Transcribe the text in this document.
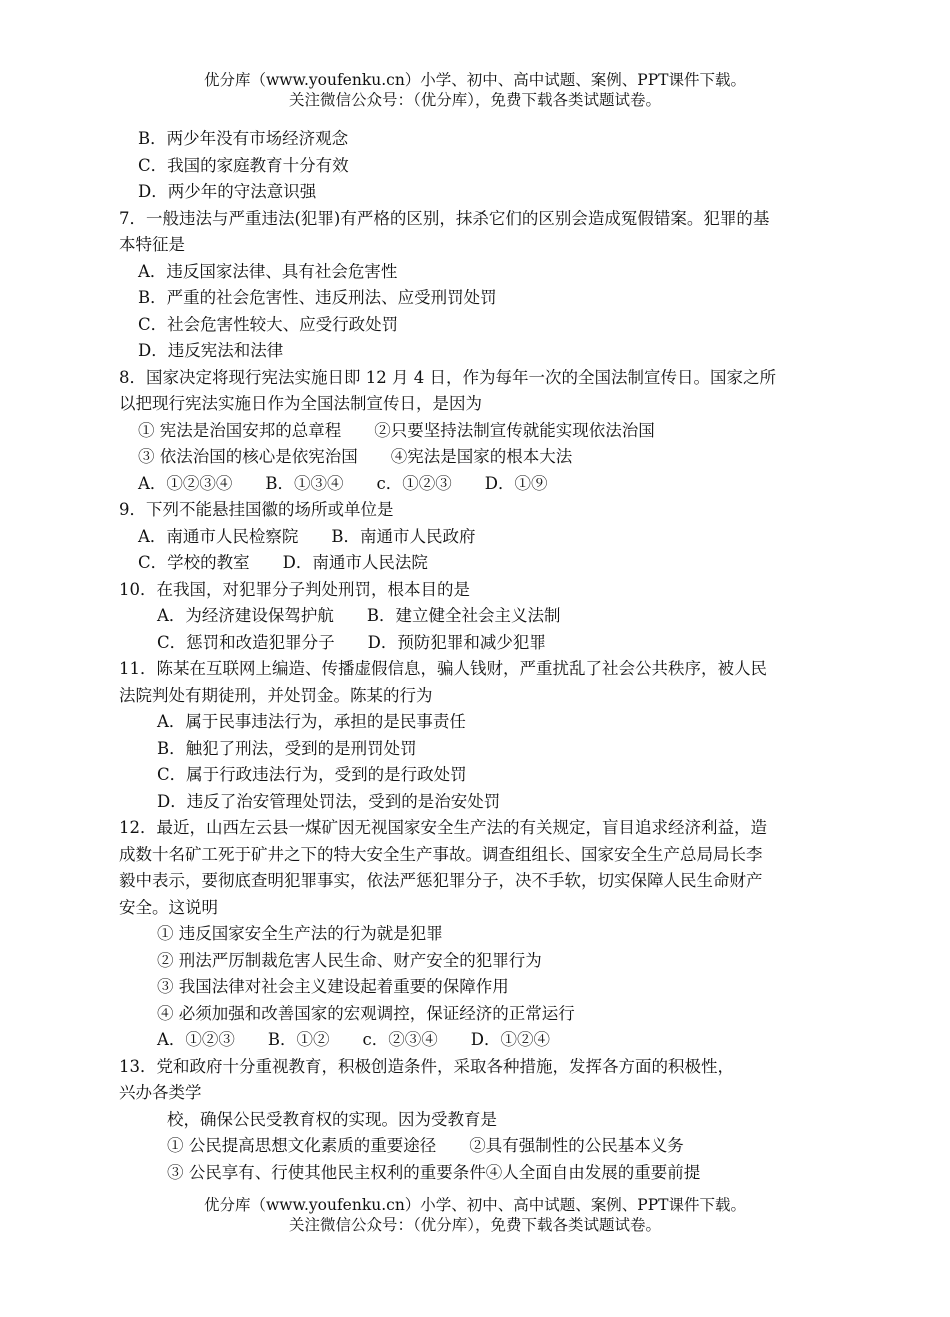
优分库（www.youfenku.cn）小学、初中、高中试题、案例、PPT课件下载。
关注微信公众号：（优分库），免费下载各类试题试卷。
B．两少年没有市场经济观念
C．我国的家庭教育十分有效
D．两少年的守法意识强
7．一般违法与严重违法(犯罪)有严格的区别，抹杀它们的区别会造成冤假错案。犯罪的基
本特征是
A．违反国家法律、具有社会危害性
B．严重的社会危害性、违反刑法、应受刑罚处罚
C．社会危害性较大、应受行政处罚
D．违反宪法和法律
8．国家决定将现行宪法实施日即 12 月 4 日，作为每年一次的全国法制宣传日。国家之所
以把现行宪法实施日作为全国法制宣传日，是因为
① 宪法是治国安邦的总章程　　②只要坚持法制宣传就能实现依法治国
③ 依法治国的核心是依宪治国　　④宪法是国家的根本大法
A．①②③④　　B．①③④　　c．①②③　　D．①⑨
9．下列不能悬挂国徽的场所或单位是
A．南通市人民检察院　　B．南通市人民政府
C．学校的教室　　D．南通市人民法院
10．在我国，对犯罪分子判处刑罚，根本目的是
A．为经济建设保驾护航　　B．建立健全社会主义法制
C．惩罚和改造犯罪分子　　D．预防犯罪和减少犯罪
11．陈某在互联网上编造、传播虚假信息，骗人钱财，严重扰乱了社会公共秩序，被人民
法院判处有期徒刑，并处罚金。陈某的行为
A．属于民事违法行为，承担的是民事责任
B．触犯了刑法，受到的是刑罚处罚
C．属于行政违法行为，受到的是行政处罚
D．违反了治安管理处罚法，受到的是治安处罚
12．最近，山西左云县一煤矿因无视国家安全生产法的有关规定，盲目追求经济利益，造
成数十名矿工死于矿井之下的特大安全生产事故。调查组组长、国家安全生产总局局长李
毅中表示，要彻底查明犯罪事实，依法严惩犯罪分子，决不手软，切实保障人民生命财产
安全。这说明
① 违反国家安全生产法的行为就是犯罪
② 刑法严厉制裁危害人民生命、财产安全的犯罪行为
③ 我国法律对社会主义建设起着重要的保障作用
④ 必须加强和改善国家的宏观调控，保证经济的正常运行
A．①②③　　B．①②　　c．②③④　　D．①②④
13．党和政府十分重视教育，积极创造条件，采取各种措施，发挥各方面的积极性，
兴办各类学
校，确保公民受教育权的实现。因为受教育是
① 公民提高思想文化素质的重要途径　　②具有强制性的公民基本义务
③ 公民享有、行使其他民主权利的重要条件④人全面自由发展的重要前提
优分库（www.youfenku.cn）小学、初中、高中试题、案例、PPT课件下载。
关注微信公众号：（优分库），免费下载各类试题试卷。
